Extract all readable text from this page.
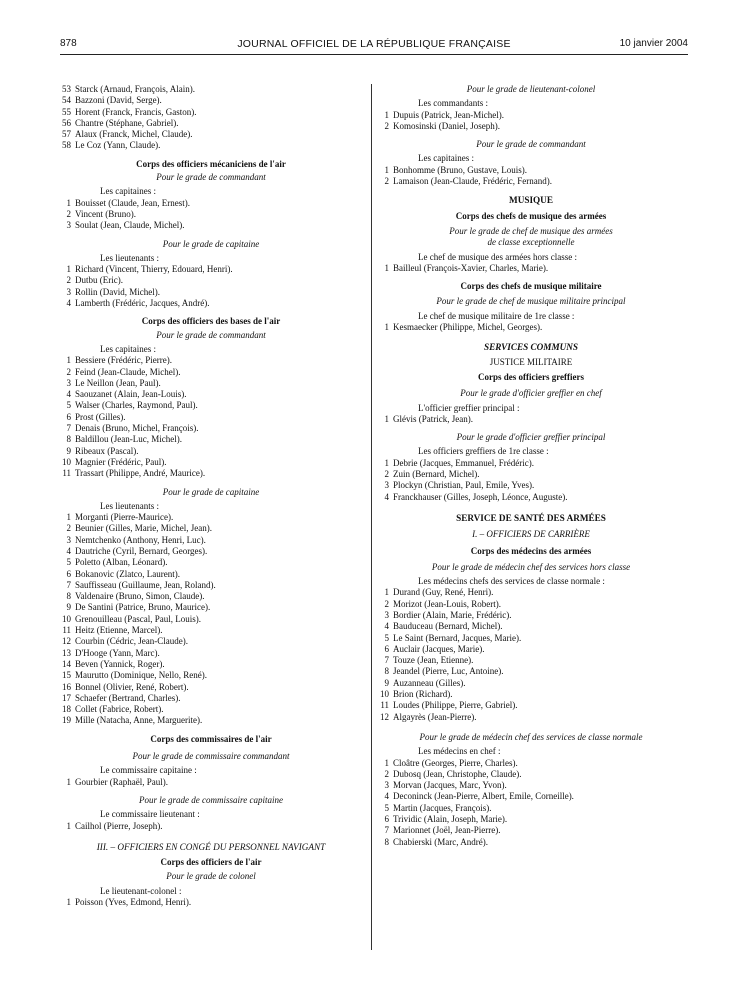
878	JOURNAL OFFICIEL DE LA RÉPUBLIQUE FRANÇAISE	10 janvier 2004
53 Starck (Arnaud, François, Alain).
54 Bazzoni (David, Serge).
55 Horent (Franck, Francis, Gaston).
56 Chantre (Stéphane, Gabriel).
57 Alaux (Franck, Michel, Claude).
58 Le Coz (Yann, Claude).
Corps des officiers mécaniciens de l'air
Pour le grade de commandant
Les capitaines :
1 Bouisset (Claude, Jean, Ernest).
2 Vincent (Bruno).
3 Soulat (Jean, Claude, Michel).
Pour le grade de capitaine
Les lieutenants :
1 Richard (Vincent, Thierry, Edouard, Henri).
2 Dutbu (Eric).
3 Rollin (David, Michel).
4 Lamberth (Frédéric, Jacques, André).
Corps des officiers des bases de l'air
Pour le grade de commandant
Les capitaines :
1 Bessiere (Frédéric, Pierre).
2 Feind (Jean-Claude, Michel).
3 Le Neillon (Jean, Paul).
4 Saouzanet (Alain, Jean-Louis).
5 Walser (Charles, Raymond, Paul).
6 Prost (Gilles).
7 Denais (Bruno, Michel, François).
8 Baldillou (Jean-Luc, Michel).
9 Ribeaux (Pascal).
10 Magnier (Frédéric, Paul).
11 Trassart (Philippe, André, Maurice).
Pour le grade de capitaine
Les lieutenants :
1 Morganti (Pierre-Maurice).
2 Beunier (Gilles, Marie, Michel, Jean).
3 Nemtchenko (Anthony, Henri, Luc).
4 Dautriche (Cyril, Bernard, Georges).
5 Poletto (Alban, Léonard).
6 Bokanovic (Zlatco, Laurent).
7 Sauffisseau (Guillaume, Jean, Roland).
8 Valdenaire (Bruno, Simon, Claude).
9 De Santini (Patrice, Bruno, Maurice).
10 Grenouilleau (Pascal, Paul, Louis).
11 Heitz (Etienne, Marcel).
12 Courbin (Cédric, Jean-Claude).
13 D'Hooge (Yann, Marc).
14 Beven (Yannick, Roger).
15 Maurutto (Dominique, Nello, René).
16 Bonnel (Olivier, René, Robert).
17 Schaefer (Bertrand, Charles).
18 Collet (Fabrice, Robert).
19 Mille (Natacha, Anne, Marguerite).
Corps des commissaires de l'air
Pour le grade de commissaire commandant
Le commissaire capitaine :
1 Gourbier (Raphaël, Paul).
Pour le grade de commissaire capitaine
Le commissaire lieutenant :
1 Cailhol (Pierre, Joseph).
III. – OFFICIERS EN CONGÉ DU PERSONNEL NAVIGANT
Corps des officiers de l'air
Pour le grade de colonel
Le lieutenant-colonel :
1 Poisson (Yves, Edmond, Henri).
Pour le grade de lieutenant-colonel
Les commandants :
1 Dupuis (Patrick, Jean-Michel).
2 Komosinski (Daniel, Joseph).
Pour le grade de commandant
Les capitaines :
1 Bonhomme (Bruno, Gustave, Louis).
2 Lamaison (Jean-Claude, Frédéric, Fernand).
MUSIQUE
Corps des chefs de musique des armées
Pour le grade de chef de musique des armées de classe exceptionnelle
Le chef de musique des armées hors classe :
1 Bailleul (François-Xavier, Charles, Marie).
Corps des chefs de musique militaire
Pour le grade de chef de musique militaire principal
Le chef de musique militaire de 1re classe :
1 Kesmaecker (Philippe, Michel, Georges).
SERVICES COMMUNS
JUSTICE MILITAIRE
Corps des officiers greffiers
Pour le grade d'officier greffier en chef
L'officier greffier principal :
1 Glévis (Patrick, Jean).
Pour le grade d'officier greffier principal
Les officiers greffiers de 1re classe :
1 Debrie (Jacques, Emmanuel, Frédéric).
2 Zuin (Bernard, Michel).
3 Plockyn (Christian, Paul, Emile, Yves).
4 Franckhauser (Gilles, Joseph, Léonce, Auguste).
SERVICE DE SANTÉ DES ARMÉES
I. – OFFICIERS DE CARRIÈRE
Corps des médecins des armées
Pour le grade de médecin chef des services hors classe
Les médecins chefs des services de classe normale :
1 Durand (Guy, René, Henri).
2 Morizot (Jean-Louis, Robert).
3 Bordier (Alain, Marie, Frédéric).
4 Bauduceau (Bernard, Michel).
5 Le Saint (Bernard, Jacques, Marie).
6 Auclair (Jacques, Marie).
7 Touze (Jean, Etienne).
8 Jeandel (Pierre, Luc, Antoine).
9 Auzanneau (Gilles).
10 Brion (Richard).
11 Loudes (Philippe, Pierre, Gabriel).
12 Algayrès (Jean-Pierre).
Pour le grade de médecin chef des services de classe normale
Les médecins en chef :
1 Cloâtre (Georges, Pierre, Charles).
2 Dubosq (Jean, Christophe, Claude).
3 Morvan (Jacques, Marc, Yvon).
4 Deconinck (Jean-Pierre, Albert, Emile, Corneille).
5 Martin (Jacques, François).
6 Trividic (Alain, Joseph, Marie).
7 Marionnet (Joël, Jean-Pierre).
8 Chabierski (Marc, André).
